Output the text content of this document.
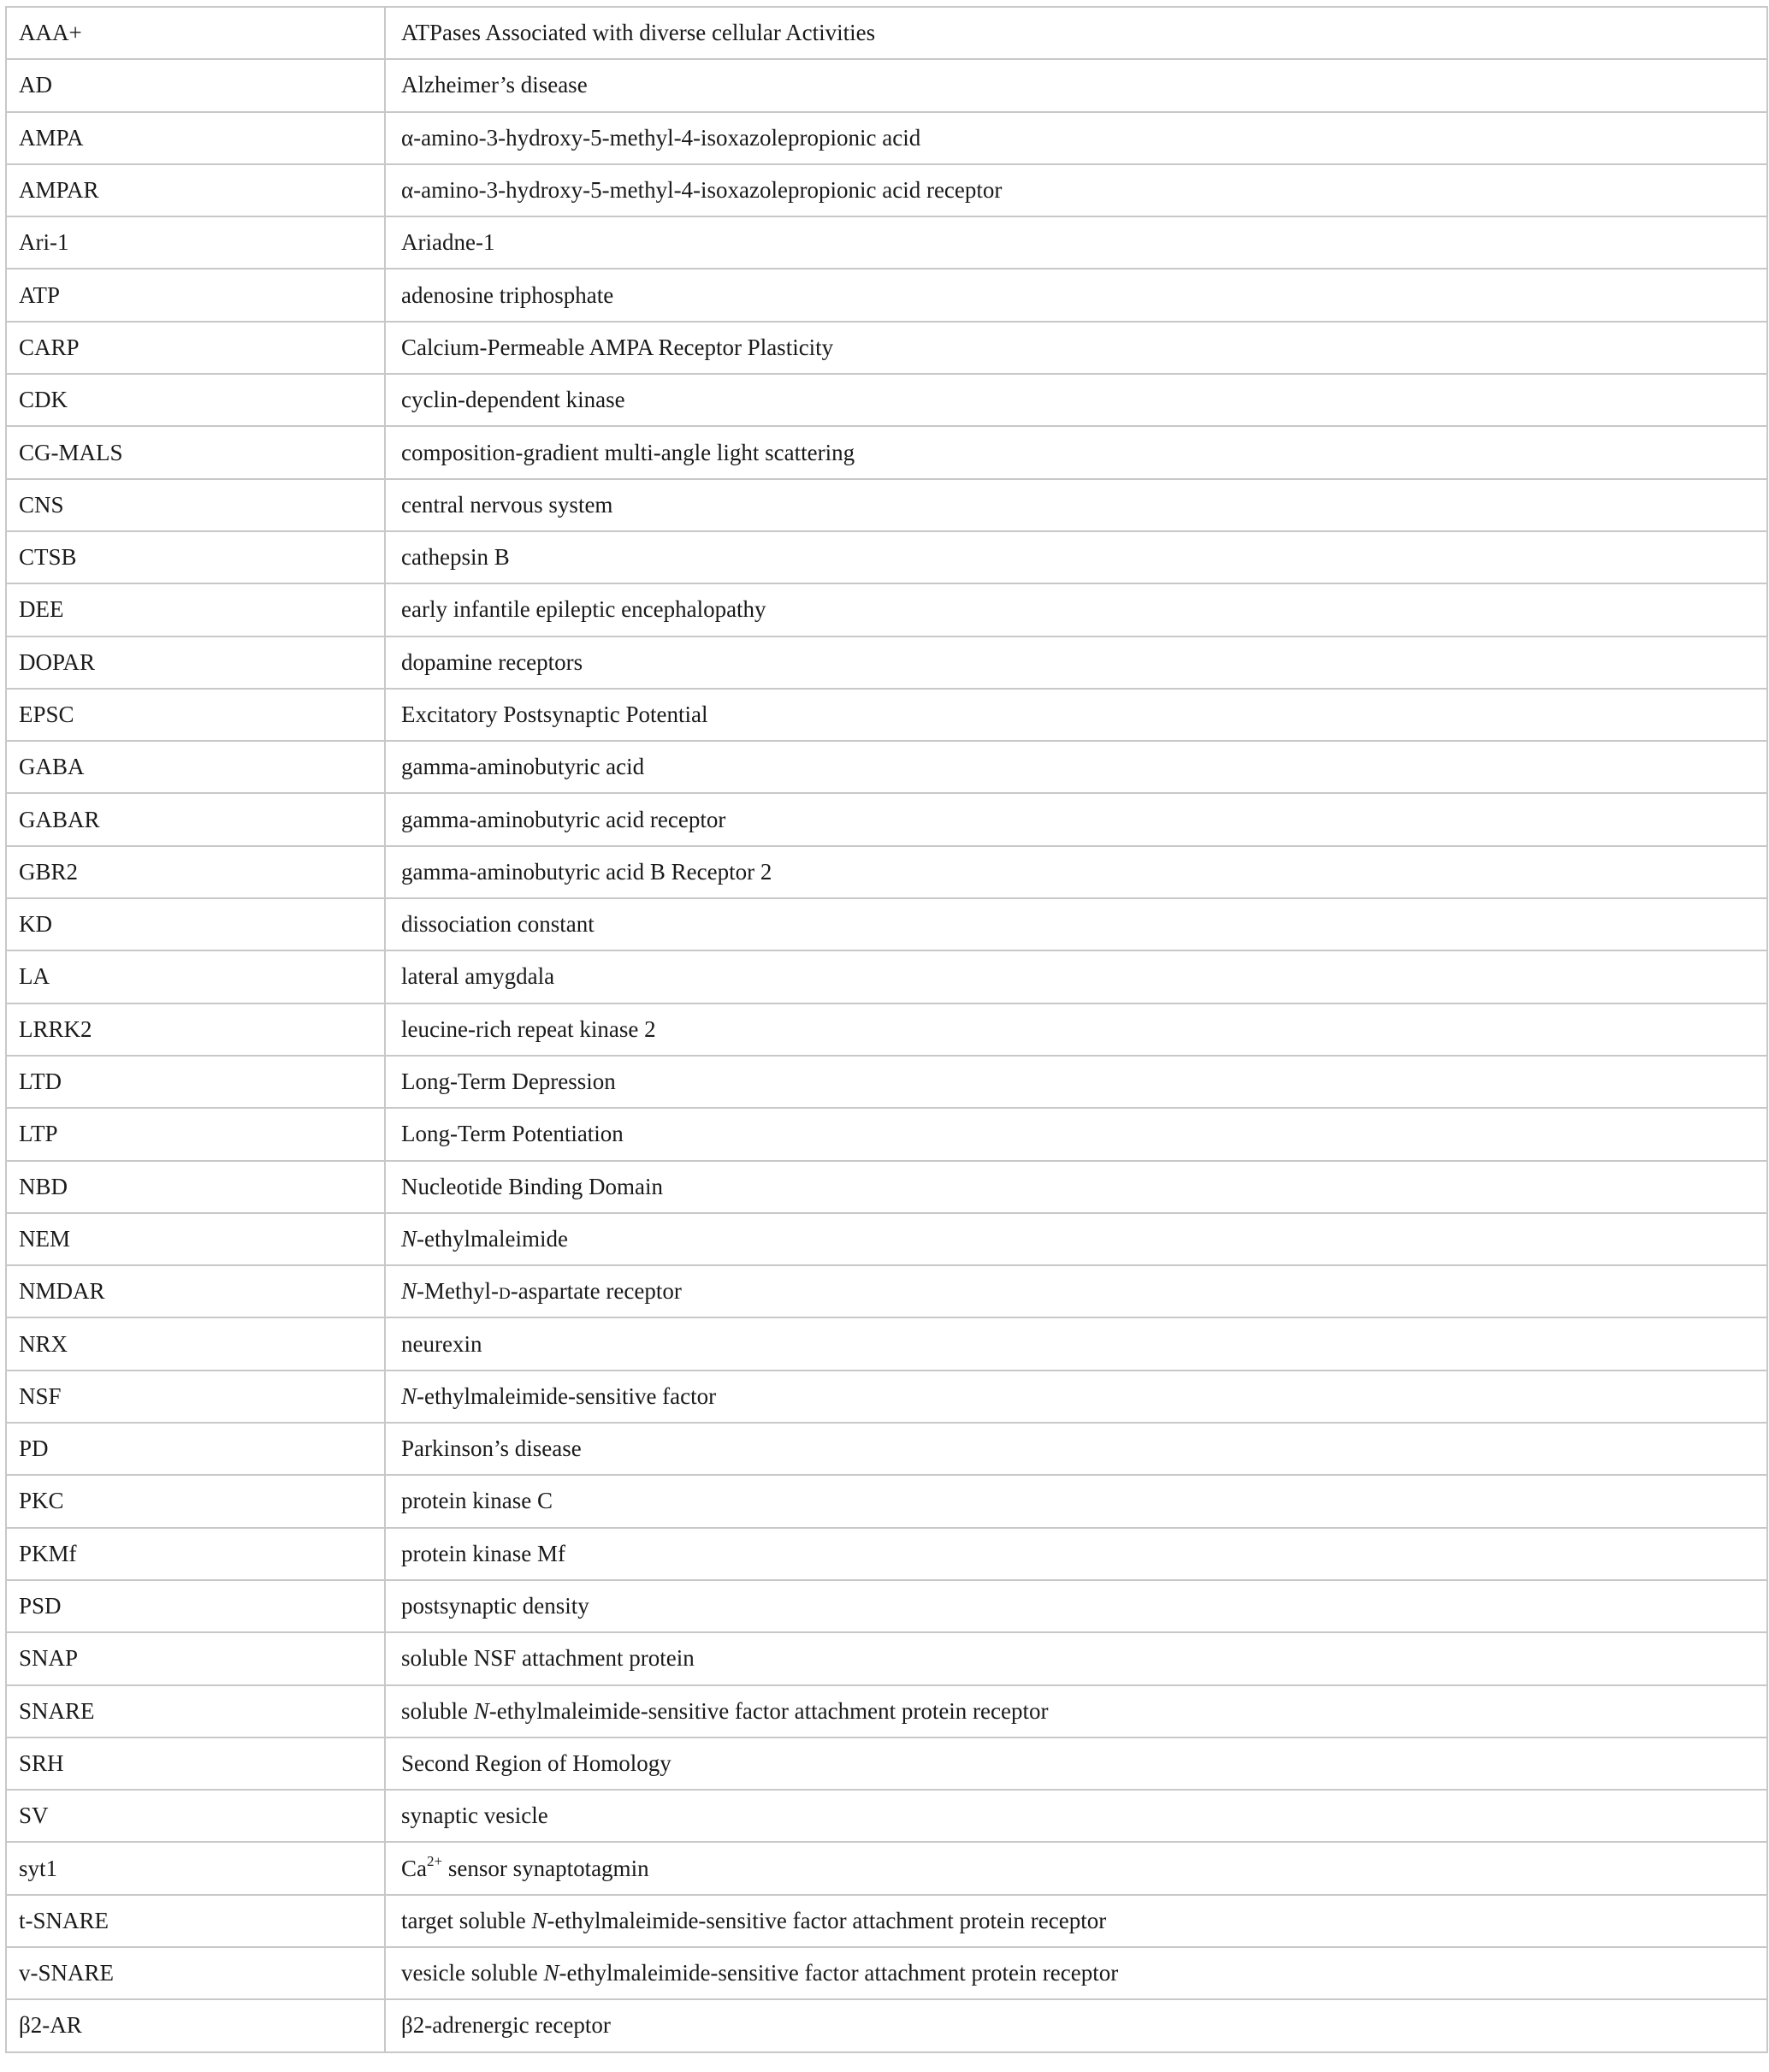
AAA+	ATPases Associated with diverse cellular Activities
AD	Alzheimer’s disease
AMPA	α-amino-3-hydroxy-5-methyl-4-isoxazolepropionic acid
AMPAR	α-amino-3-hydroxy-5-methyl-4-isoxazolepropionic acid receptor
Ari-1	Ariadne-1
ATP	adenosine triphosphate
CARP	Calcium-Permeable AMPA Receptor Plasticity
CDK	cyclin-dependent kinase
CG-MALS	composition-gradient multi-angle light scattering
CNS	central nervous system
CTSB	cathepsin B
DEE	early infantile epileptic encephalopathy
DOPAR	dopamine receptors
EPSC	Excitatory Postsynaptic Potential
GABA	gamma-aminobutyric acid
GABAR	gamma-aminobutyric acid receptor
GBR2	gamma-aminobutyric acid B Receptor 2
KD	dissociation constant
LA	lateral amygdala
LRRK2	leucine-rich repeat kinase 2
LTD	Long-Term Depression
LTP	Long-Term Potentiation
NBD	Nucleotide Binding Domain
NEM	N-ethylmaleimide
NMDAR	N-Methyl-d-aspartate receptor
NRX	neurexin
NSF	N-ethylmaleimide-sensitive factor
PD	Parkinson’s disease
PKC	protein kinase C
PKMf	protein kinase Mf
PSD	postsynaptic density
SNAP	soluble NSF attachment protein
SNARE	soluble N-ethylmaleimide-sensitive factor attachment protein receptor
SRH	Second Region of Homology
SV	synaptic vesicle
syt1	$Ca^{2+}$ sensor synaptotagmin
t-SNARE	target soluble N-ethylmaleimide-sensitive factor attachment protein receptor
v-SNARE	vesicle soluble N-ethylmaleimide-sensitive factor attachment protein receptor
β2-AR	β2-adrenergic receptor
